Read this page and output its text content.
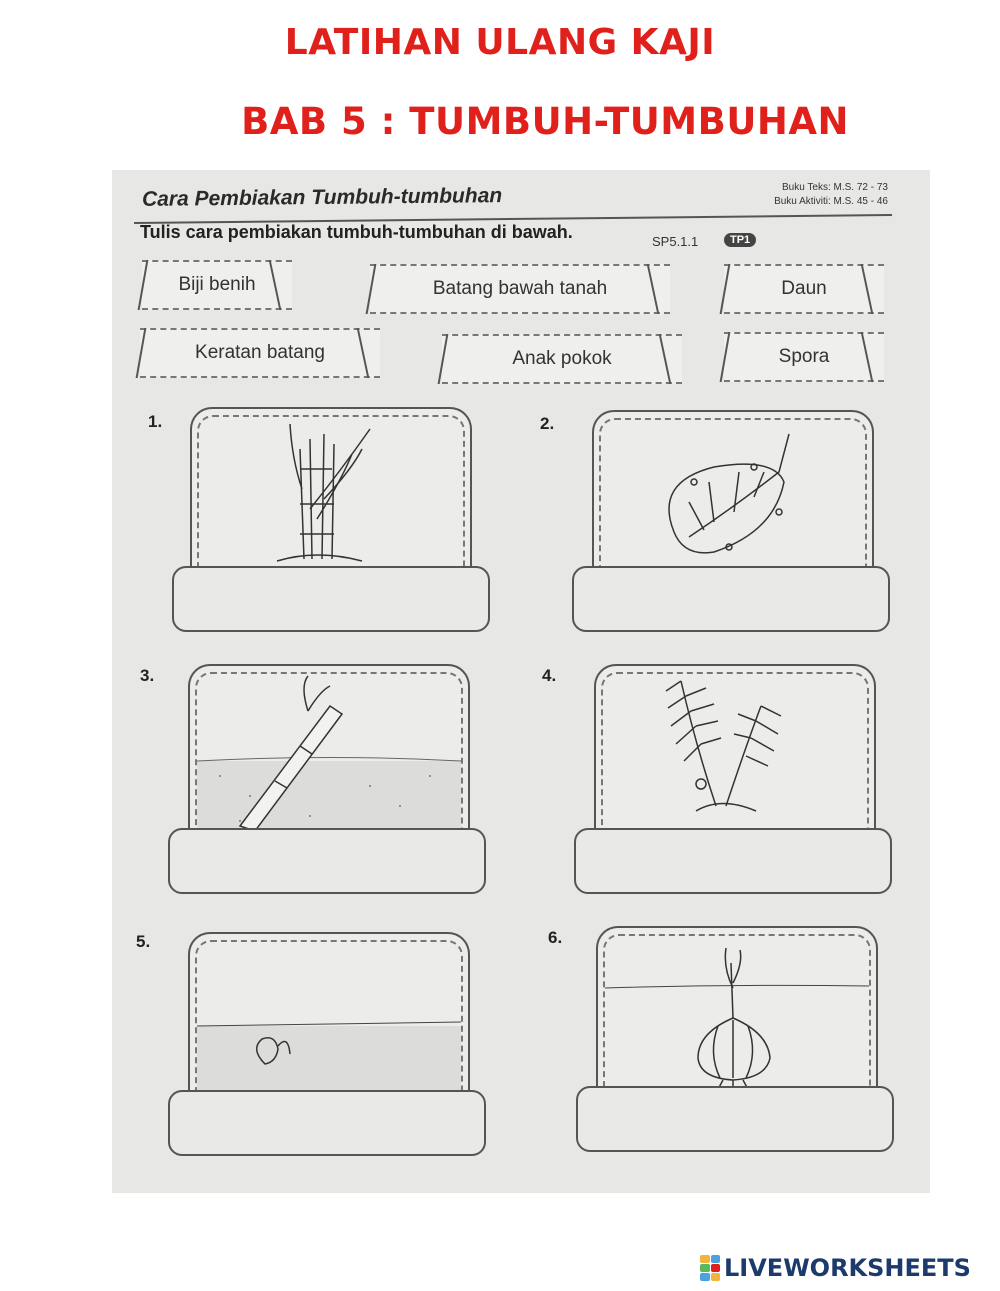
LATIHAN ULANG KAJI
BAB 5 : TUMBUH-TUMBUHAN
Cara Pembiakan Tumbuh-tumbuhan	Buku Teks: M.S. 72 - 73
Buku Aktiviti: M.S. 45 - 46
Tulis cara pembiakan tumbuh-tumbuhan di bawah.	SP5.1.1	TP1
Biji benih	Batang bawah tanah	Daun
Keratan batang	Anak pokok	Spora
1.	2.
3.	4.
5.	6.
LIVEWORKSHEETS
